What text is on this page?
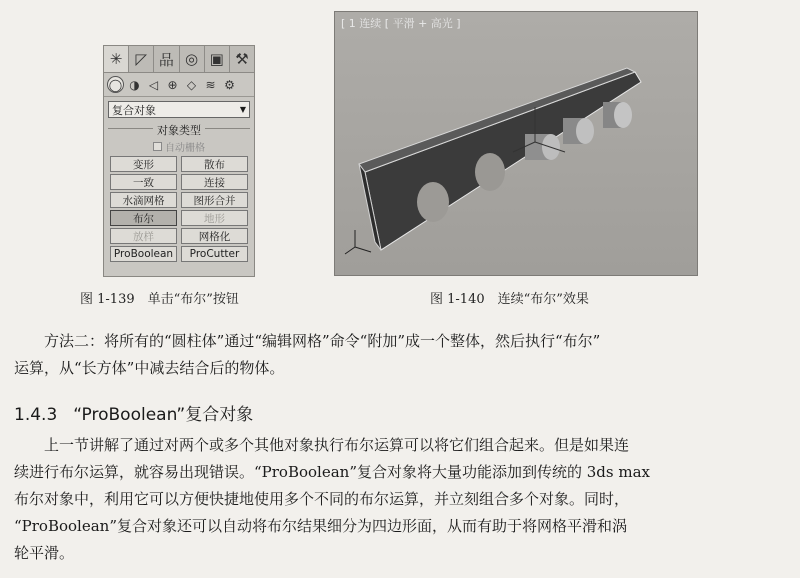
✳ ◸ 品 ◎ ▣ ⚒
◯ ◑ ◁ ⊕ ◇ ≋ ⚙
复合对象	▼
对象类型
自动栅格
变形	散布
一致	连接
水滴网格	图形合并
布尔	地形
放样	网格化
ProBoolean	ProCutter
图 1-139　单击“布尔”按钮
[ 1 连续 [ 平滑 + 高光 ]
图 1-140　连续“布尔”效果
方法二：将所有的“圆柱体”通过“编辑网格”命令“附加”成一个整体，然后执行“布尔”
运算，从“长方体”中减去结合后的物体。
1.4.3 “ProBoolean”复合对象
上一节讲解了通过对两个或多个其他对象执行布尔运算可以将它们组合起来。但是如果连
续进行布尔运算，就容易出现错误。“ProBoolean”复合对象将大量功能添加到传统的 3ds max
布尔对象中，利用它可以方便快捷地使用多个不同的布尔运算，并立刻组合多个对象。同时，
“ProBoolean”复合对象还可以自动将布尔结果细分为四边形面，从而有助于将网格平滑和涡
轮平滑。
